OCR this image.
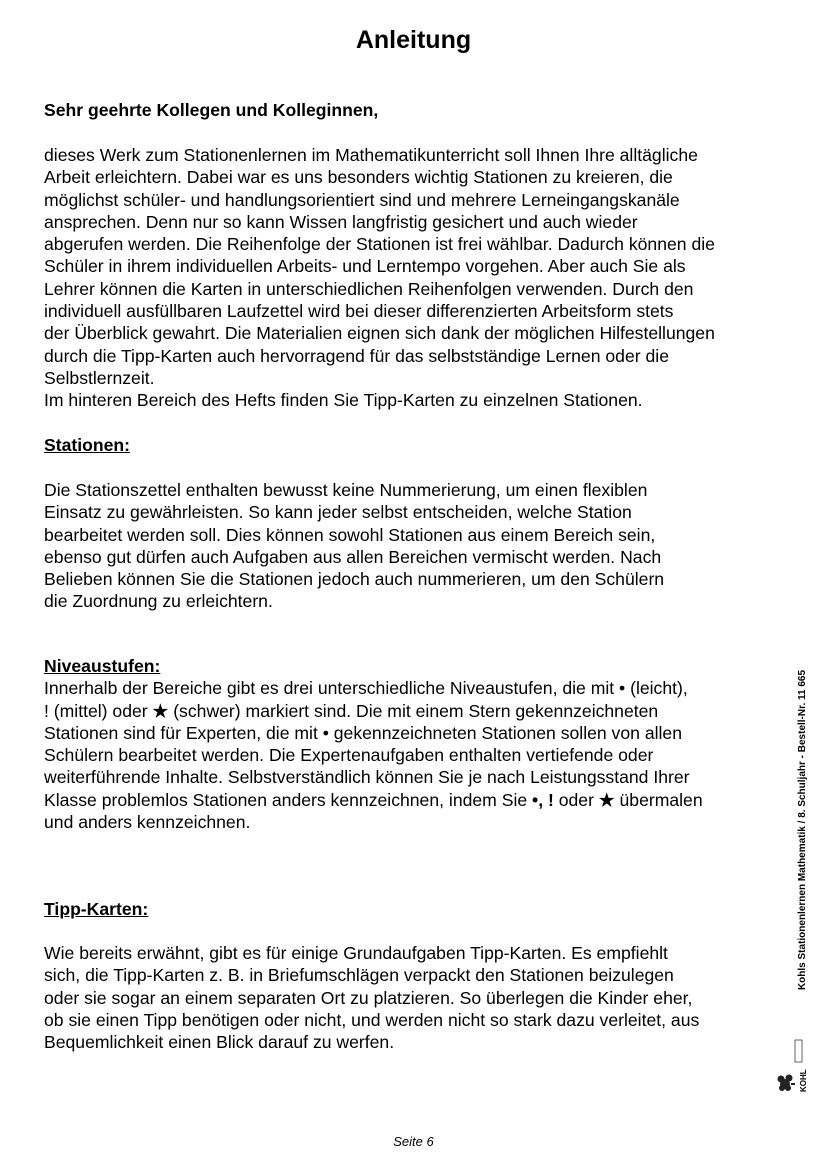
Anleitung

Sehr geehrte Kollegen und Kolleginnen,

dieses Werk zum Stationenlernen im Mathematikunterricht soll Ihnen Ihre alltägliche
Arbeit erleichtern. Dabei war es uns besonders wichtig Stationen zu kreieren, die
möglichst schüler- und handlungsorientiert sind und mehrere Lerneingangskanäle
ansprechen. Denn nur so kann Wissen langfristig gesichert und auch wieder
abgerufen werden. Die Reihenfolge der Stationen ist frei wählbar. Dadurch können die
Schüler in ihrem individuellen Arbeits- und Lerntempo vorgehen. Aber auch Sie als
Lehrer können die Karten in unterschiedlichen Reihenfolgen verwenden. Durch den
individuell ausfüllbaren Laufzettel wird bei dieser differenzierten Arbeitsform stets
der Überblick gewahrt. Die Materialien eignen sich dank der möglichen Hilfestellungen
durch die Tipp-Karten auch hervorragend für das selbstständige Lernen oder die
Selbstlernzeit.
Im hinteren Bereich des Hefts finden Sie Tipp-Karten zu einzelnen Stationen.

Stationen:

Die Stationszettel enthalten bewusst keine Nummerierung, um einen flexiblen
Einsatz zu gewährleisten. So kann jeder selbst entscheiden, welche Station
bearbeitet werden soll. Dies können sowohl Stationen aus einem Bereich sein,
ebenso gut dürfen auch Aufgaben aus allen Bereichen vermischt werden. Nach
Belieben können Sie die Stationen jedoch auch nummerieren, um den Schülern
die Zuordnung zu erleichtern.

Niveaustufen:
Innerhalb der Bereiche gibt es drei unterschiedliche Niveaustufen, die mit • (leicht),
! (mittel) oder ★ (schwer) markiert sind. Die mit einem Stern gekennzeichneten
Stationen sind für Experten, die mit • gekennzeichneten Stationen sollen von allen
Schülern bearbeitet werden. Die Expertenaufgaben enthalten vertiefende oder
weiterführende Inhalte. Selbstverständlich können Sie je nach Leistungsstand Ihrer
Klasse problemlos Stationen anders kennzeichnen, indem Sie •, ! oder ★ übermalen
und anders kennzeichnen.

Tipp-Karten:

Wie bereits erwähnt, gibt es für einige Grundaufgaben Tipp-Karten. Es empfiehlt
sich, die Tipp-Karten z. B. in Briefumschlägen verpackt den Stationen beizulegen
oder sie sogar an einem separaten Ort zu platzieren. So überlegen die Kinder eher,
ob sie einen Tipp benötigen oder nicht, und werden nicht so stark dazu verleitet, aus
Bequemlichkeit einen Blick darauf zu werfen.

Kohls Stationenlernen Mathematik / 8. Schuljahr - Bestell-Nr. 11 665
KOHL
Seite 6
